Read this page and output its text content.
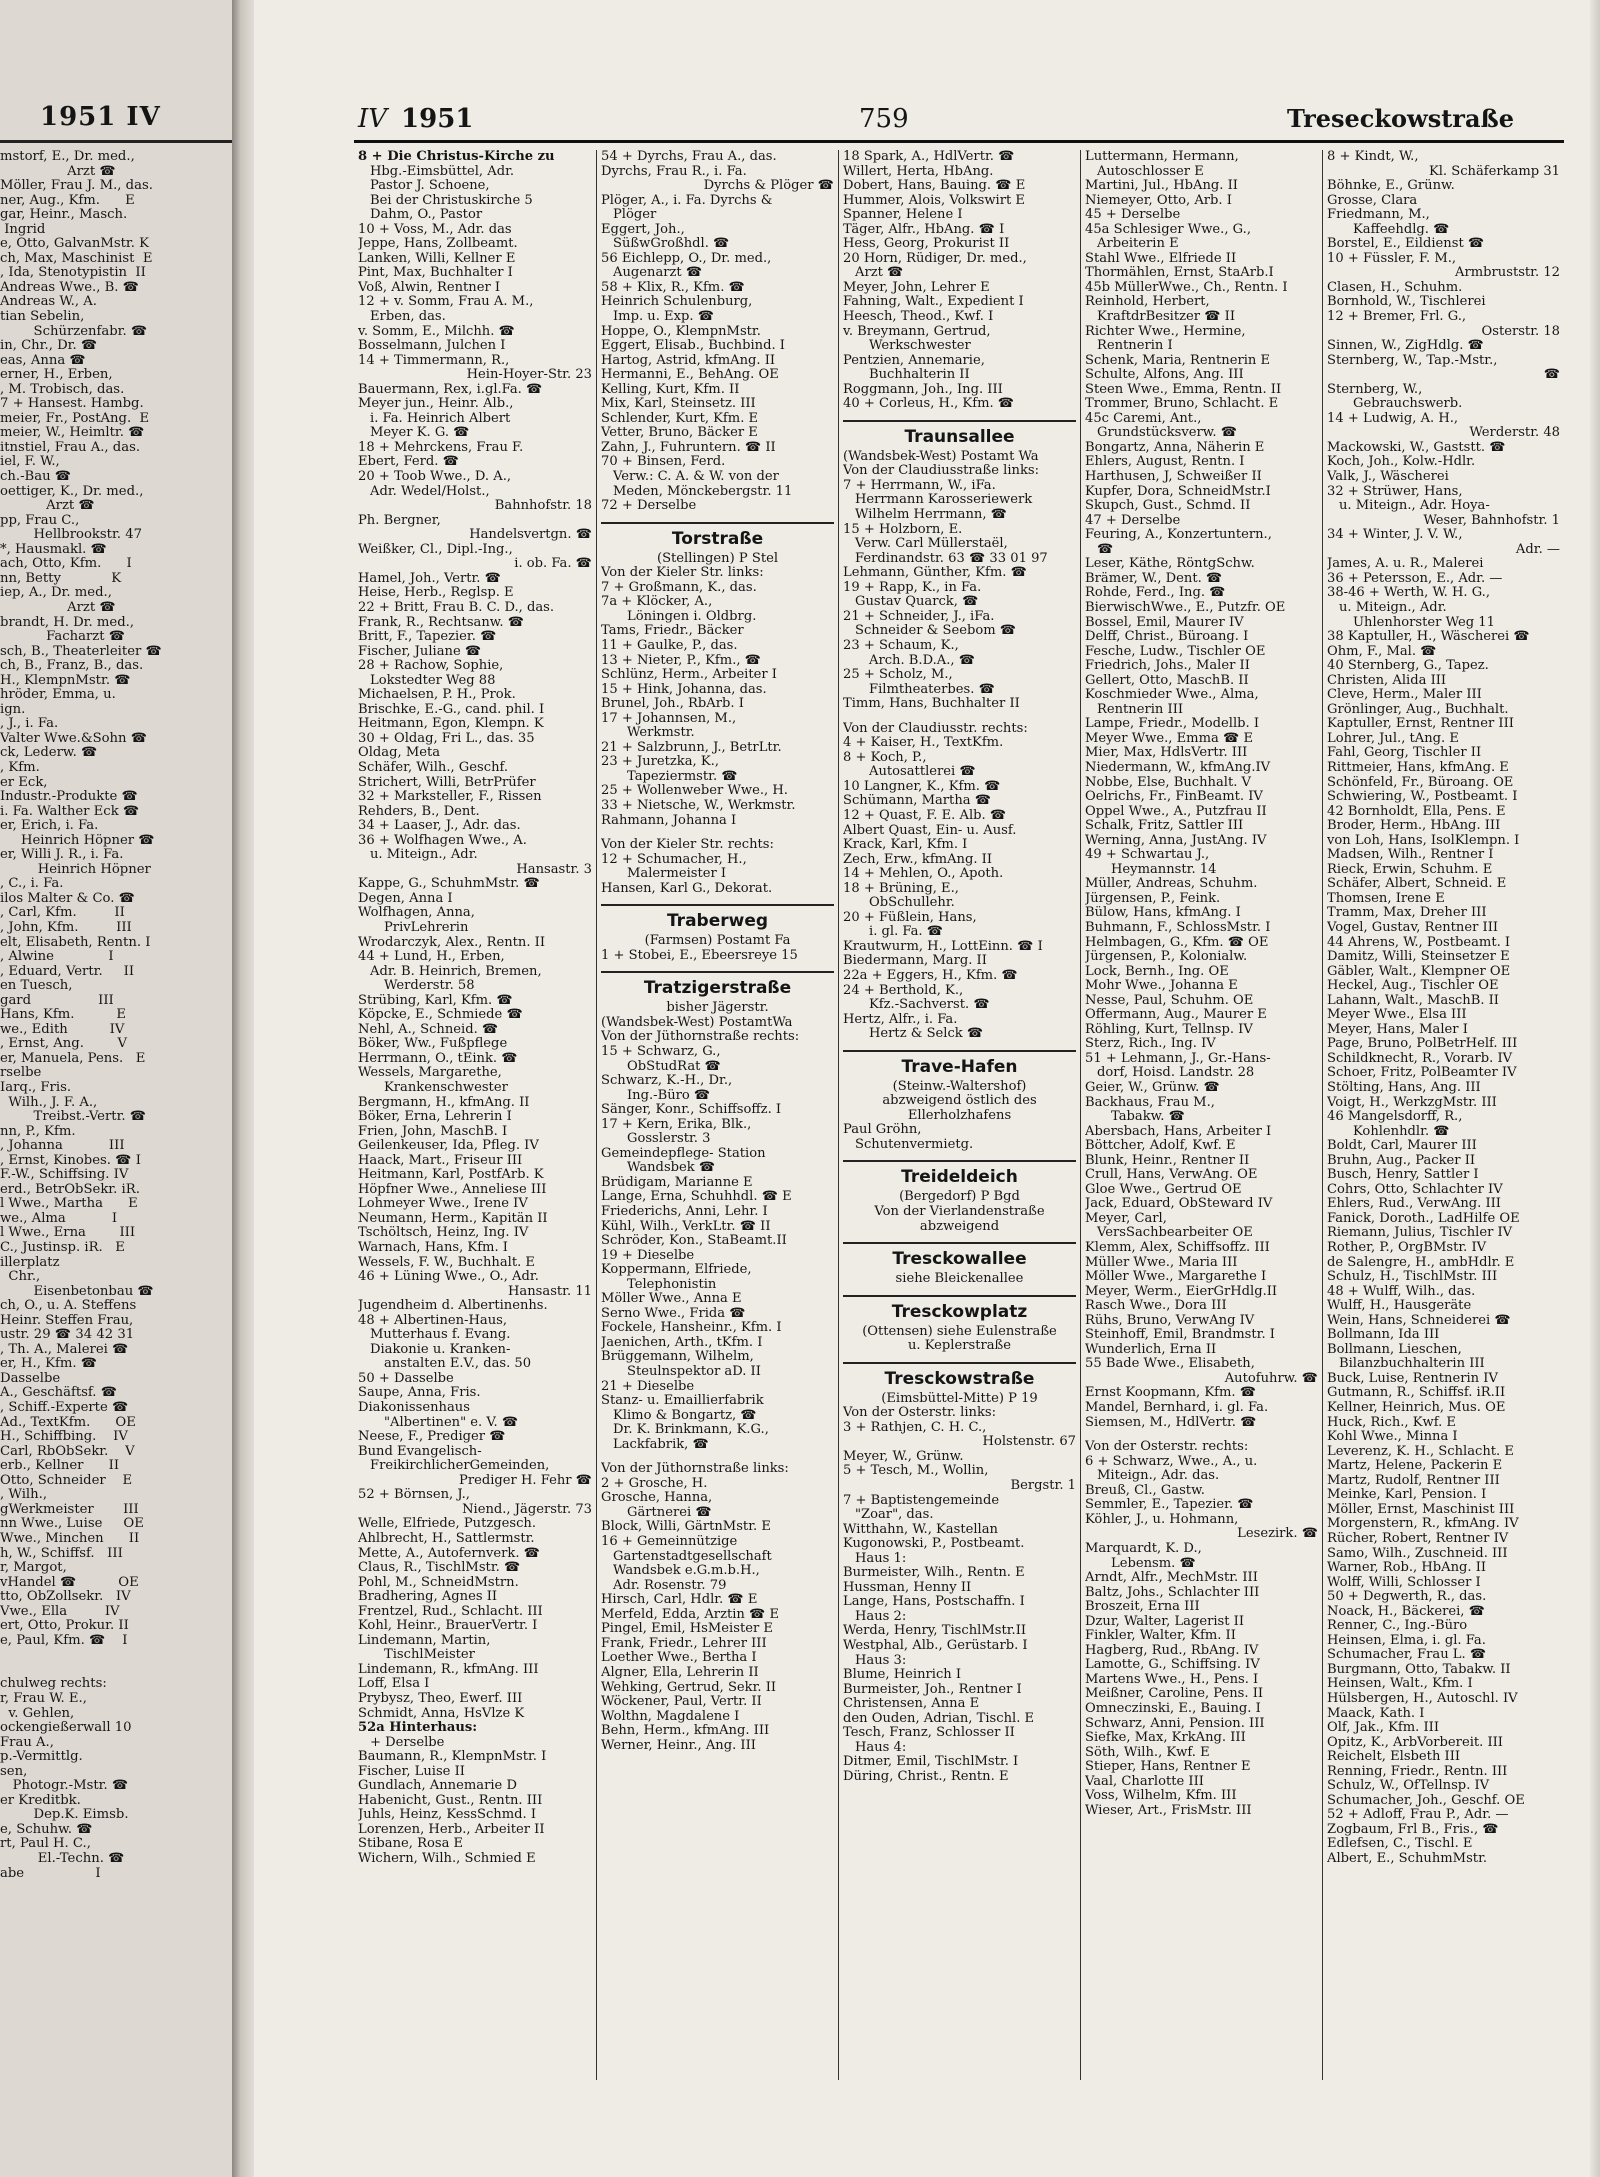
1951 IV
mstorf, E., Dr. med.,
Arzt ☎
Möller, Frau J. M., das.
ner, Aug., Kfm.      E
gar, Heinr., Masch.
Ingrid
e, Otto, GalvanMstr. K
ch, Max, Maschinist  E
, Ida, Stenotypistin  II
Andreas Wwe., B. ☎
Andreas W., A.
tian Sebelin,
Schürzenfabr. ☎
in, Chr., Dr. ☎
eas, Anna ☎
erner, H., Erben,
, M. Trobisch, das.
7 + Hansest. Hambg.
meier, Fr., PostAng.  E
meier, W., Heimltr. ☎
itnstiel, Frau A., das.
iel, F. W.,
ch.-Bau ☎
oettiger, K., Dr. med.,
Arzt ☎
pp, Frau C.,
Hellbrookstr. 47
*, Hausmakl. ☎
ach, Otto, Kfm.      I
nn, Betty            K
iep, A., Dr. med.,
Arzt ☎
brandt, H. Dr. med.,
Facharzt ☎
sch, B., Theaterleiter ☎
ch, B., Franz, B., das.
H., KlempnMstr. ☎
hröder, Emma, u.
ign.
, J., i. Fa.
Valter Wwe.&Sohn ☎
ck, Lederw. ☎
, Kfm.
er Eck,
Industr.-Produkte ☎
i. Fa. Walther Eck ☎
er, Erich, i. Fa.
Heinrich Höpner ☎
er, Willi J. R., i. Fa.
Heinrich Höpner
, C., i. Fa.
ilos Malter & Co. ☎
, Carl, Kfm.         II
, John, Kfm.         III
elt, Elisabeth, Rentn. I
, Alwine             I
, Eduard, Vertr.     II
en Tuesch,
gard                III
Hans, Kfm.          E
we., Edith          IV
, Ernst, Ang.        V
er, Manuela, Pens.   E
rselbe
Iarq., Fris.
Wilh., J. F. A.,
Treibst.-Vertr. ☎
nn, P., Kfm.
, Johanna           III
, Ernst, Kinobes. ☎ I
F.-W., Schiffsing. IV
erd., BetrObSekr. iR.
l Wwe., Martha      E
we., Alma           I
l Wwe., Erna        III
C., Justinsp. iR.   E
illerplatz
Chr.,
Eisenbetonbau ☎
ch, O., u. A. Steffens
Heinr. Steffen Frau,
ustr. 29 ☎ 34 42 31
, Th. A., Malerei ☎
er, H., Kfm. ☎
Dasselbe
A., Geschäftsf. ☎
, Schiff.-Experte ☎
Ad., TextKfm.      OE
H., Schiffbing.    IV
Carl, RbObSekr.    V
erb., Kellner      II
Otto, Schneider    E
, Wilh.,
gWerkmeister       III
nn Wwe., Luise     OE
Wwe., Minchen      II
h, W., Schiffsf.   III
r, Margot,
vHandel ☎          OE
tto, ObZollsekr.   IV
Vwe., Ella         IV
ert, Otto, Prokur. II
e, Paul, Kfm. ☎    I
chulweg rechts:
r, Frau W. E.,
v. Gehlen,
ockengießerwall 10
Frau A.,
p.-Vermittlg.
sen,
Photogr.-Mstr. ☎
er Kreditbk.
Dep.K. Eimsb.
e, Schuhw. ☎
rt, Paul H. C.,
El.-Techn. ☎
abe                 I
IV 1951	759	Treseckowstraße
8 + Die Christus-Kirche zu
Hbg.-Eimsbüttel, Adr.
Pastor J. Schoene,
Bei der Christuskirche 5
Dahm, O., Pastor
10 + Voss, M., Adr. das
Jeppe, Hans, Zollbeamt.
Lanken, Willi, Kellner E
Pint, Max, Buchhalter I
Voß, Alwin, Rentner I
12 + v. Somm, Frau A. M.,
Erben, das.
v. Somm, E., Milchh. ☎
Bosselmann, Julchen I
14 + Timmermann, R.,
Hein-Hoyer-Str. 23
Bauermann, Rex, i.gl.Fa. ☎
Meyer jun., Heinr. Alb.,
i. Fa. Heinrich Albert
Meyer K. G. ☎
18 + Mehrckens, Frau F.
Ebert, Ferd. ☎
20 + Toob Wwe., D. A.,
Adr. Wedel/Holst.,
Bahnhofstr. 18
Ph. Bergner,
Handelsvertgn. ☎
Weißker, Cl., Dipl.-Ing.,
i. ob. Fa. ☎
Hamel, Joh., Vertr. ☎
Heise, Herb., Reglsp. E
22 + Britt, Frau B. C. D., das.
Frank, R., Rechtsanw. ☎
Britt, F., Tapezier. ☎
Fischer, Juliane ☎
28 + Rachow, Sophie,
Lokstedter Weg 88
Michaelsen, P. H., Prok.
Brischke, E.-G., cand. phil. I
Heitmann, Egon, Klempn. K
30 + Oldag, Fri L., das. 35
Oldag, Meta
Schäfer, Wilh., Geschf.
Strichert, Willi, BetrPrüfer
32 + Marksteller, F., Rissen
Rehders, B., Dent.
34 + Laaser, J., Adr. das.
36 + Wolfhagen Wwe., A.
u. Miteign., Adr.
Hansastr. 3
Kappe, G., SchuhmMstr. ☎
Degen, Anna I
Wolfhagen, Anna,
PrivLehrerin
Wrodarczyk, Alex., Rentn. II
44 + Lund, H., Erben,
Adr. B. Heinrich, Bremen,
Werderstr. 58
Strübing, Karl, Kfm. ☎
Köpcke, E., Schmiede ☎
Nehl, A., Schneid. ☎
Böker, Ww., Fußpflege
Herrmann, O., tEink. ☎
Wessels, Margarethe,
Krankenschwester
Bergmann, H., kfmAng. II
Böker, Erna, Lehrerin I
Frien, John, MaschB. I
Geilenkeuser, Ida, Pfleg. IV
Haack, Mart., Friseur III
Heitmann, Karl, PostfArb. K
Höpfner Wwe., Anneliese III
Lohmeyer Wwe., Irene IV
Neumann, Herm., Kapitän II
Tschöltsch, Heinz, Ing. IV
Warnach, Hans, Kfm. I
Wessels, F. W., Buchhalt. E
46 + Lüning Wwe., O., Adr.
Hansastr. 11
Jugendheim d. Albertinenhs.
48 + Albertinen-Haus,
Mutterhaus f. Evang.
Diakonie u. Kranken-
anstalten E.V., das. 50
50 + Dasselbe
Saupe, Anna, Fris.
Diakonissenhaus
"Albertinen" e. V. ☎
Neese, F., Prediger ☎
Bund Evangelisch-
FreikirchlicherGemeinden,
Prediger H. Fehr ☎
52 + Börnsen, J.,
Niend., Jägerstr. 73
Welle, Elfriede, Putzgesch.
Ahlbrecht, H., Sattlermstr.
Mette, A., Autofernverk. ☎
Claus, R., TischlMstr. ☎
Pohl, M., SchneidMstrn.
Bradhering, Agnes II
Frentzel, Rud., Schlacht. III
Kohl, Heinr., BrauerVertr. I
Lindemann, Martin,
TischlMeister
Lindemann, R., kfmAng. III
Loff, Elsa I
Prybysz, Theo, Ewerf. III
Schmidt, Anna, HsVlze K
52a Hinterhaus:
+ Derselbe
Baumann, R., KlempnMstr. I
Fischer, Luise II
Gundlach, Annemarie D
Habenicht, Gust., Rentn. III
Juhls, Heinz, KessSchmd. I
Lorenzen, Herb., Arbeiter II
Stibane, Rosa E
Wichern, Wilh., Schmied E
54 + Dyrchs, Frau A., das.
Dyrchs, Frau R., i. Fa.
Dyrchs & Plöger ☎
Plöger, A., i. Fa. Dyrchs &
Plöger
Eggert, Joh.,
SüßwGroßhdl. ☎
56 Eichlepp, O., Dr. med.,
Augenarzt ☎
58 + Klix, R., Kfm. ☎
Heinrich Schulenburg,
Imp. u. Exp. ☎
Hoppe, O., KlempnMstr.
Eggert, Elisab., Buchbind. I
Hartog, Astrid, kfmAng. II
Hermanni, E., BehAng. OE
Kelling, Kurt, Kfm. II
Mix, Karl, Steinsetz. III
Schlender, Kurt, Kfm. E
Vetter, Bruno, Bäcker E
Zahn, J., Fuhruntern. ☎ II
70 + Binsen, Ferd.
Verw.: C. A. & W. von der
Meden, Mönckebergstr. 11
72 + Derselbe
Torstraße
(Stellingen) P Stel
Von der Kieler Str. links:
7 + Großmann, K., das.
7a + Klöcker, A.,
Löningen i. Oldbrg.
Tams, Friedr., Bäcker
11 + Gaulke, P., das.
13 + Nieter, P., Kfm., ☎
Schlünz, Herm., Arbeiter I
15 + Hink, Johanna, das.
Brunel, Joh., RbArb. I
17 + Johannsen, M.,
Werkmstr.
21 + Salzbrunn, J., BetrLtr.
23 + Juretzka, K.,
Tapeziermstr. ☎
25 + Wollenweber Wwe., H.
33 + Nietsche, W., Werkmstr.
Rahmann, Johanna I
Von der Kieler Str. rechts:
12 + Schumacher, H.,
Malermeister I
Hansen, Karl G., Dekorat.
Traberweg
(Farmsen) Postamt Fa
1 + Stobei, E., Ebeersreye 15
Tratzigerstraße
bisher Jägerstr.
(Wandsbek-West) PostamtWa
Von der Jüthornstraße rechts:
15 + Schwarz, G.,
ObStudRat ☎
Schwarz, K.-H., Dr.,
Ing.-Büro ☎
Sänger, Konr., Schiffsoffz. I
17 + Kern, Erika, Blk.,
Gosslerstr. 3
Gemeindepflege- Station
Wandsbek ☎
Brüdigam, Marianne E
Lange, Erna, Schuhhdl. ☎ E
Friederichs, Anni, Lehr. I
Kühl, Wilh., VerkLtr. ☎ II
Schröder, Kon., StaBeamt.II
19 + Dieselbe
Koppermann, Elfriede,
Telephonistin
Möller Wwe., Anna E
Serno Wwe., Frida ☎
Fockele, Hansheinr., Kfm. I
Jaenichen, Arth., tKfm. I
Brüggemann, Wilhelm,
Steulnspektor aD. II
21 + Dieselbe
Stanz- u. Emaillierfabrik
Klimo & Bongartz, ☎
Dr. K. Brinkmann, K.G.,
Lackfabrik, ☎
Von der Jüthornstraße links:
2 + Grosche, H.
Grosche, Hanna,
Gärtnerei ☎
Block, Willi, GärtnMstr. E
16 + Gemeinnützige
Gartenstadtgesellschaft
Wandsbek e.G.m.b.H.,
Adr. Rosenstr. 79
Hirsch, Carl, Hdlr. ☎ E
Merfeld, Edda, Ärztin ☎ E
Pingel, Emil, HsMeister E
Frank, Friedr., Lehrer III
Loether Wwe., Bertha I
Algner, Ella, Lehrerin II
Wehking, Gertrud, Sekr. II
Wöckener, Paul, Vertr. II
Wolthn, Magdalene I
Behn, Herm., kfmAng. III
Werner, Heinr., Ang. III
18 Spark, A., HdlVertr. ☎
Willert, Herta, HbAng.
Dobert, Hans, Bauing. ☎ E
Hummer, Alois, Volkswirt E
Spanner, Helene I
Täger, Alfr., HbAng. ☎ I
Hess, Georg, Prokurist II
20 Horn, Rüdiger, Dr. med.,
Arzt ☎
Meyer, John, Lehrer E
Fahning, Walt., Expedient I
Heesch, Theod., Kwf. I
v. Breymann, Gertrud,
Werkschwester
Pentzien, Annemarie,
Buchhalterin II
Roggmann, Joh., Ing. III
40 + Corleus, H., Kfm. ☎
Traunsallee
(Wandsbek-West) Postamt Wa
Von der Claudiusstraße links:
7 + Herrmann, W., iFa.
Herrmann Karosseriewerk
Wilhelm Herrmann, ☎
15 + Holzborn, E.
Verw. Carl Müllerstaël,
Ferdinandstr. 63 ☎ 33 01 97
Lehmann, Günther, Kfm. ☎
19 + Rapp, K., in Fa.
Gustav Quarck, ☎
21 + Schneider, J., iFa.
Schneider & Seebom ☎
23 + Schaum, K.,
Arch. B.D.A., ☎
25 + Scholz, M.,
Filmtheaterbes. ☎
Timm, Hans, Buchhalter II
Von der Claudiusstr. rechts:
4 + Kaiser, H., TextKfm.
8 + Koch, P.,
Autosattlerei ☎
10 Langner, K., Kfm. ☎
Schümann, Martha ☎
12 + Quast, F. E. Alb. ☎
Albert Quast, Ein- u. Ausf.
Krack, Karl, Kfm. I
Zech, Erw., kfmAng. II
14 + Mehlen, O., Apoth.
18 + Brüning, E.,
ObSchullehr.
20 + Füßlein, Hans,
i. gl. Fa. ☎
Krautwurm, H., LottEinn. ☎ I
Biedermann, Marg. II
22a + Eggers, H., Kfm. ☎
24 + Berthold, K.,
Kfz.-Sachverst. ☎
Hertz, Alfr., i. Fa.
Hertz & Selck ☎
Trave-Hafen
(Steinw.-Waltershof)
abzweigend östlich des
Ellerholzhafens
Paul Gröhn,
Schutenvermietg.
Treideldeich
(Bergedorf) P Bgd
Von der Vierlandenstraße
abzweigend
Tresckowallee
siehe Bleickenallee
Tresckowplatz
(Ottensen) siehe Eulenstraße
u. Keplerstraße
Tresckowstraße
(Eimsbüttel-Mitte) P 19
Von der Osterstr. links:
3 + Rathjen, C. H. C.,
Holstenstr. 67
Meyer, W., Grünw.
5 + Tesch, M., Wollin,
Bergstr. 1
7 + Baptistengemeinde
"Zoar", das.
Witthahn, W., Kastellan
Kugonowski, P., Postbeamt.
Haus 1:
Burmeister, Wilh., Rentn. E
Hussman, Henny II
Lange, Hans, Postschaffn. I
Haus 2:
Werda, Henry, TischlMstr.II
Westphal, Alb., Gerüstarb. I
Haus 3:
Blume, Heinrich I
Burmeister, Joh., Rentner I
Christensen, Anna E
den Ouden, Adrian, Tischl. E
Tesch, Franz, Schlosser II
Haus 4:
Ditmer, Emil, TischlMstr. I
Düring, Christ., Rentn. E
Luttermann, Hermann,
Autoschlosser E
Martini, Jul., HbAng. II
Niemeyer, Otto, Arb. I
45 + Derselbe
45a Schlesiger Wwe., G.,
Arbeiterin E
Stahl Wwe., Elfriede II
Thormählen, Ernst, StaArb.I
45b MüllerWwe., Ch., Rentn. I
Reinhold, Herbert,
KraftdrBesitzer ☎ II
Richter Wwe., Hermine,
Rentnerin I
Schenk, Maria, Rentnerin E
Schulte, Alfons, Ang. III
Steen Wwe., Emma, Rentn. II
Trommer, Bruno, Schlacht. E
45c Caremi, Ant.,
Grundstücksverw. ☎
Bongartz, Anna, Näherin E
Ehlers, August, Rentn. I
Harthusen, J, Schweißer II
Kupfer, Dora, SchneidMstr.I
Skupch, Gust., Schmd. II
47 + Derselbe
Feuring, A., Konzertuntern.,
☎
Leser, Käthe, RöntgSchw.
Brämer, W., Dent. ☎
Rohde, Ferd., Ing. ☎
BierwischWwe., E., Putzfr. OE
Bossel, Emil, Maurer IV
Delff, Christ., Büroang. I
Fesche, Ludw., Tischler OE
Friedrich, Johs., Maler II
Gellert, Otto, MaschB. II
Koschmieder Wwe., Alma,
Rentnerin III
Lampe, Friedr., Modellb. I
Meyer Wwe., Emma ☎ E
Mier, Max, HdlsVertr. III
Niedermann, W., kfmAng.IV
Nobbe, Else, Buchhalt. V
Oelrichs, Fr., FinBeamt. IV
Oppel Wwe., A., Putzfrau II
Schalk, Fritz, Sattler III
Werning, Anna, JustAng. IV
49 + Schwartau J.,
Heymannstr. 14
Müller, Andreas, Schuhm.
Jürgensen, P., Feink.
Bülow, Hans, kfmAng. I
Buhmann, F., SchlossMstr. I
Helmbagen, G., Kfm. ☎ OE
Jürgensen, P., Kolonialw.
Lock, Bernh., Ing. OE
Mohr Wwe., Johanna E
Nesse, Paul, Schuhm. OE
Offermann, Aug., Maurer E
Röhling, Kurt, Tellnsp. IV
Sterz, Rich., Ing. IV
51 + Lehmann, J., Gr.-Hans-
dorf, Hoisd. Landstr. 28
Geier, W., Grünw. ☎
Backhaus, Frau M.,
Tabakw. ☎
Abersbach, Hans, Arbeiter I
Böttcher, Adolf, Kwf. E
Blunk, Heinr., Rentner II
Crull, Hans, VerwAng. OE
Gloe Wwe., Gertrud OE
Jack, Eduard, ObSteward IV
Meyer, Carl,
VersSachbearbeiter OE
Klemm, Alex, Schiffsoffz. III
Müller Wwe., Maria III
Möller Wwe., Margarethe I
Meyer, Werm., EierGrHdlg.II
Rasch Wwe., Dora III
Rühs, Bruno, VerwAng IV
Steinhoff, Emil, Brandmstr. I
Wunderlich, Erna II
55 Bade Wwe., Elisabeth,
Autofuhrw. ☎
Ernst Koopmann, Kfm. ☎
Mandel, Bernhard, i. gl. Fa.
Siemsen, M., HdlVertr. ☎
Von der Osterstr. rechts:
6 + Schwarz, Wwe., A., u.
Miteign., Adr. das.
Breuß, Cl., Gastw.
Semmler, E., Tapezier. ☎
Köhler, J., u. Hohmann,
Lesezirk. ☎
Marquardt, K. D.,
Lebensm. ☎
Arndt, Alfr., MechMstr. III
Baltz, Johs., Schlachter III
Broszeit, Erna III
Dzur, Walter, Lagerist II
Finkler, Walter, Kfm. II
Hagberg, Rud., RbAng. IV
Lamotte, G., Schiffsing. IV
Martens Wwe., H., Pens. I
Meißner, Caroline, Pens. II
Omneczinski, E., Bauing. I
Schwarz, Anni, Pension. III
Siefke, Max, KrkAng. III
Söth, Wilh., Kwf. E
Stieper, Hans, Rentner E
Vaal, Charlotte III
Voss, Wilhelm, Kfm. III
Wieser, Art., FrisMstr. III
8 + Kindt, W.,
Kl. Schäferkamp 31
Böhnke, E., Grünw.
Grosse, Clara
Friedmann, M.,
Kaffeehdlg. ☎
Borstel, E., Eildienst ☎
10 + Füssler, F. M.,
Armbruststr. 12
Clasen, H., Schuhm.
Bornhold, W., Tischlerei
12 + Bremer, Frl. G.,
Osterstr. 18
Sinnen, W., ZigHdlg. ☎
Sternberg, W., Tap.-Mstr.,
☎
Sternberg, W.,
Gebrauchswerb.
14 + Ludwig, A. H.,
Werderstr. 48
Mackowski, W., Gaststt. ☎
Koch, Joh., Kolw.-Hdlr.
Valk, J., Wäscherei
32 + Strüwer, Hans,
u. Miteign., Adr. Hoya-
Weser, Bahnhofstr. 1
34 + Winter, J. V. W.,
Adr. —
James, A. u. R., Malerei
36 + Petersson, E., Adr. —
38-46 + Werth, W. H. G.,
u. Miteign., Adr.
Uhlenhorster Weg 11
38 Kaptuller, H., Wäscherei ☎
Ohm, F., Mal. ☎
40 Sternberg, G., Tapez.
Christen, Alida III
Cleve, Herm., Maler III
Grönlinger, Aug., Buchhalt.
Kaptuller, Ernst, Rentner III
Lohrer, Jul., tAng. E
Fahl, Georg, Tischler II
Rittmeier, Hans, kfmAng. E
Schönfeld, Fr., Büroang. OE
Schwiering, W., Postbeamt. I
42 Bornholdt, Ella, Pens. E
Broder, Herm., HbAng. III
von Loh, Hans, IsolKlempn. I
Madsen, Wilh., Rentner I
Rieck, Erwin, Schuhm. E
Schäfer, Albert, Schneid. E
Thomsen, Irene E
Tramm, Max, Dreher III
Vogel, Gustav, Rentner III
44 Ahrens, W., Postbeamt. I
Damitz, Willi, Steinsetzer E
Gäbler, Walt., Klempner OE
Heckel, Aug., Tischler OE
Lahann, Walt., MaschB. II
Meyer Wwe., Elsa III
Meyer, Hans, Maler I
Page, Bruno, PolBetrHelf. III
Schildknecht, R., Vorarb. IV
Schoer, Fritz, PolBeamter IV
Stölting, Hans, Ang. III
Voigt, H., WerkzgMstr. III
46 Mangelsdorff, R.,
Kohlenhdlr. ☎
Boldt, Carl, Maurer III
Bruhn, Aug., Packer II
Busch, Henry, Sattler I
Cohrs, Otto, Schlachter IV
Ehlers, Rud., VerwAng. III
Fanick, Doroth., LadHilfe OE
Riemann, Julius, Tischler IV
Rother, P., OrgBMstr. IV
de Salengre, H., ambHdlr. E
Schulz, H., TischlMstr. III
48 + Wulff, Wilh., das.
Wulff, H., Hausgeräte
Wein, Hans, Schneiderei ☎
Bollmann, Ida III
Bollmann, Lieschen,
Bilanzbuchhalterin III
Buck, Luise, Rentnerin IV
Gutmann, R., Schiffsf. iR.II
Kellner, Heinrich, Mus. OE
Huck, Rich., Kwf. E
Kohl Wwe., Minna I
Leverenz, K. H., Schlacht. E
Martz, Helene, Packerin E
Martz, Rudolf, Rentner III
Meinke, Karl, Pension. I
Möller, Ernst, Maschinist III
Morgenstern, R., kfmAng. IV
Rücher, Robert, Rentner IV
Samo, Wilh., Zuschneid. III
Warner, Rob., HbAng. II
Wolff, Willi, Schlosser I
50 + Degwerth, R., das.
Noack, H., Bäckerei, ☎
Renner, C., Ing.-Büro
Heinsen, Elma, i. gl. Fa.
Schumacher, Frau L. ☎
Burgmann, Otto, Tabakw. II
Heinsen, Walt., Kfm. I
Hülsbergen, H., Autoschl. IV
Maack, Kath. I
Olf, Jak., Kfm. III
Opitz, K., ArbVorbereit. III
Reichelt, Elsbeth III
Renning, Friedr., Rentn. III
Schulz, W., OfTellnsp. IV
Schumacher, Joh., Geschf. OE
52 + Adloff, Frau P., Adr. —
Zogbaum, Frl B., Fris., ☎
Edlefsen, C., Tischl. E
Albert, E., SchuhmMstr.
